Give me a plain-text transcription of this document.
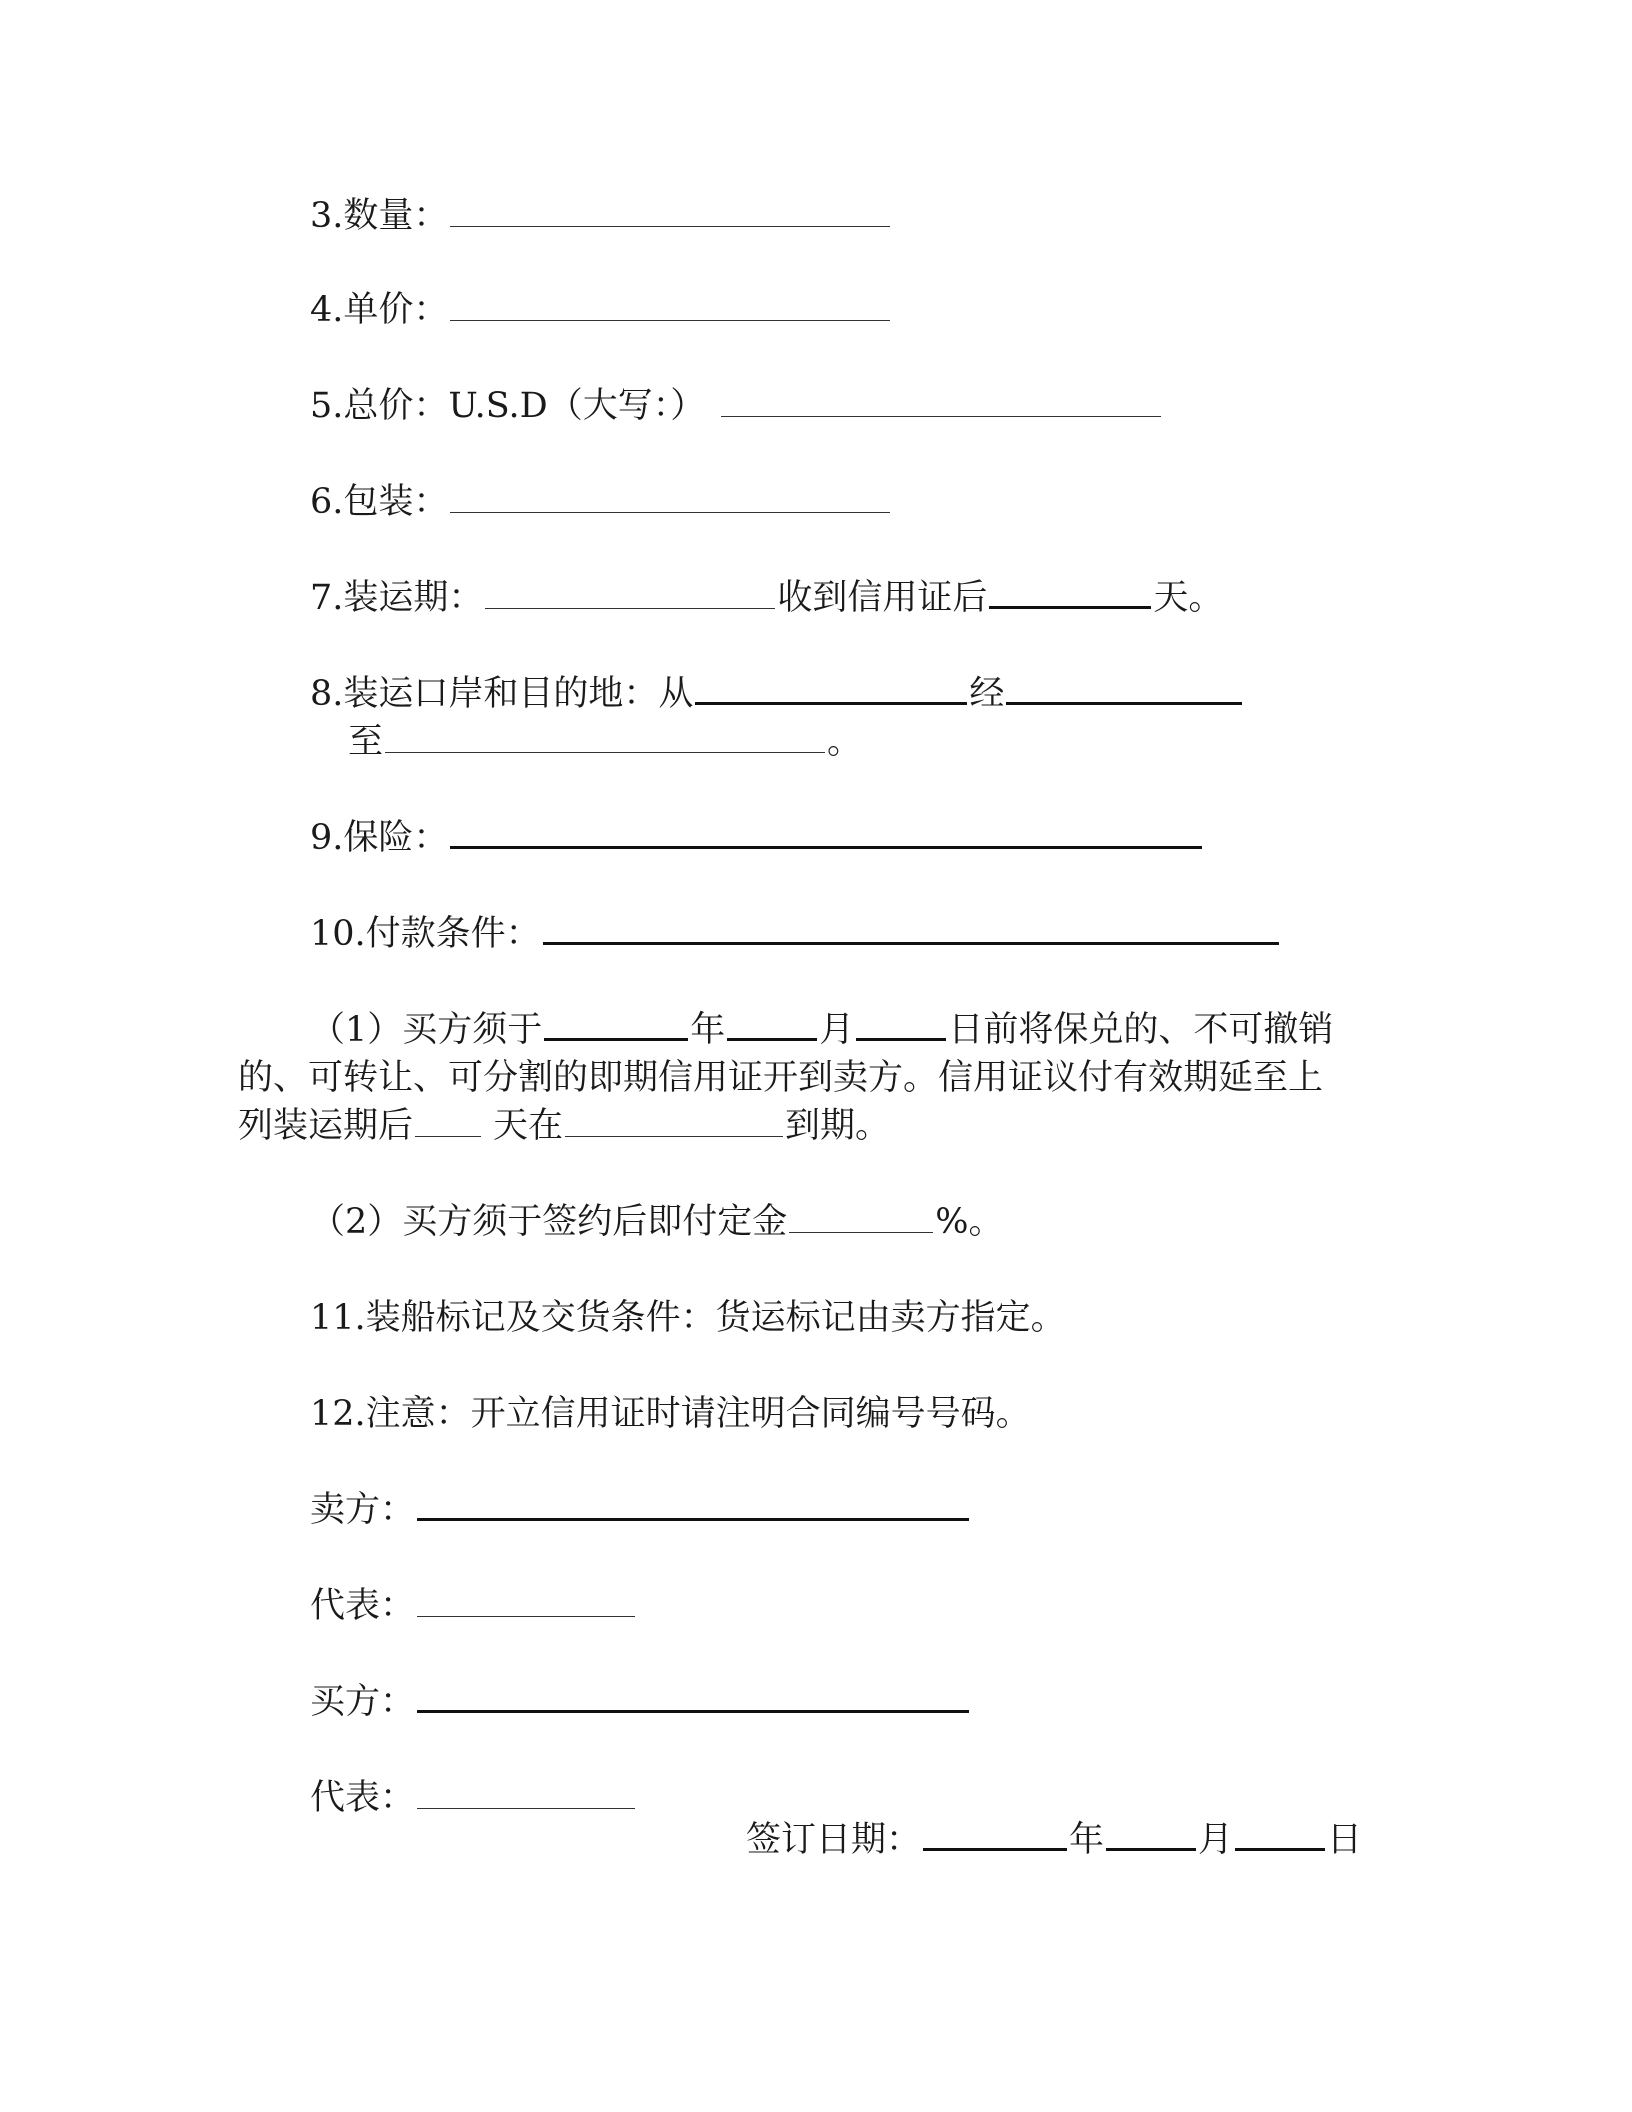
3.数量：
4.单价：
5.总价：U.S.D（大写：）
6.包装：
7.装运期：	收到信用证后	天。
8.装运口岸和目的地：从	经
至	。
9.保险：
10.付款条件：
（1）买方须于	年	月	日前将保兑的、不可撤销
的、可转让、可分割的即期信用证开到卖方。信用证议付有效期延至上
列装运期后 天在	到期。
（2）买方须于签约后即付定金	%。
11.装船标记及交货条件：货运标记由卖方指定。
12.注意：开立信用证时请注明合同编号号码。
卖方：
代表：
买方：
代表：
签订日期：	年	月	日
